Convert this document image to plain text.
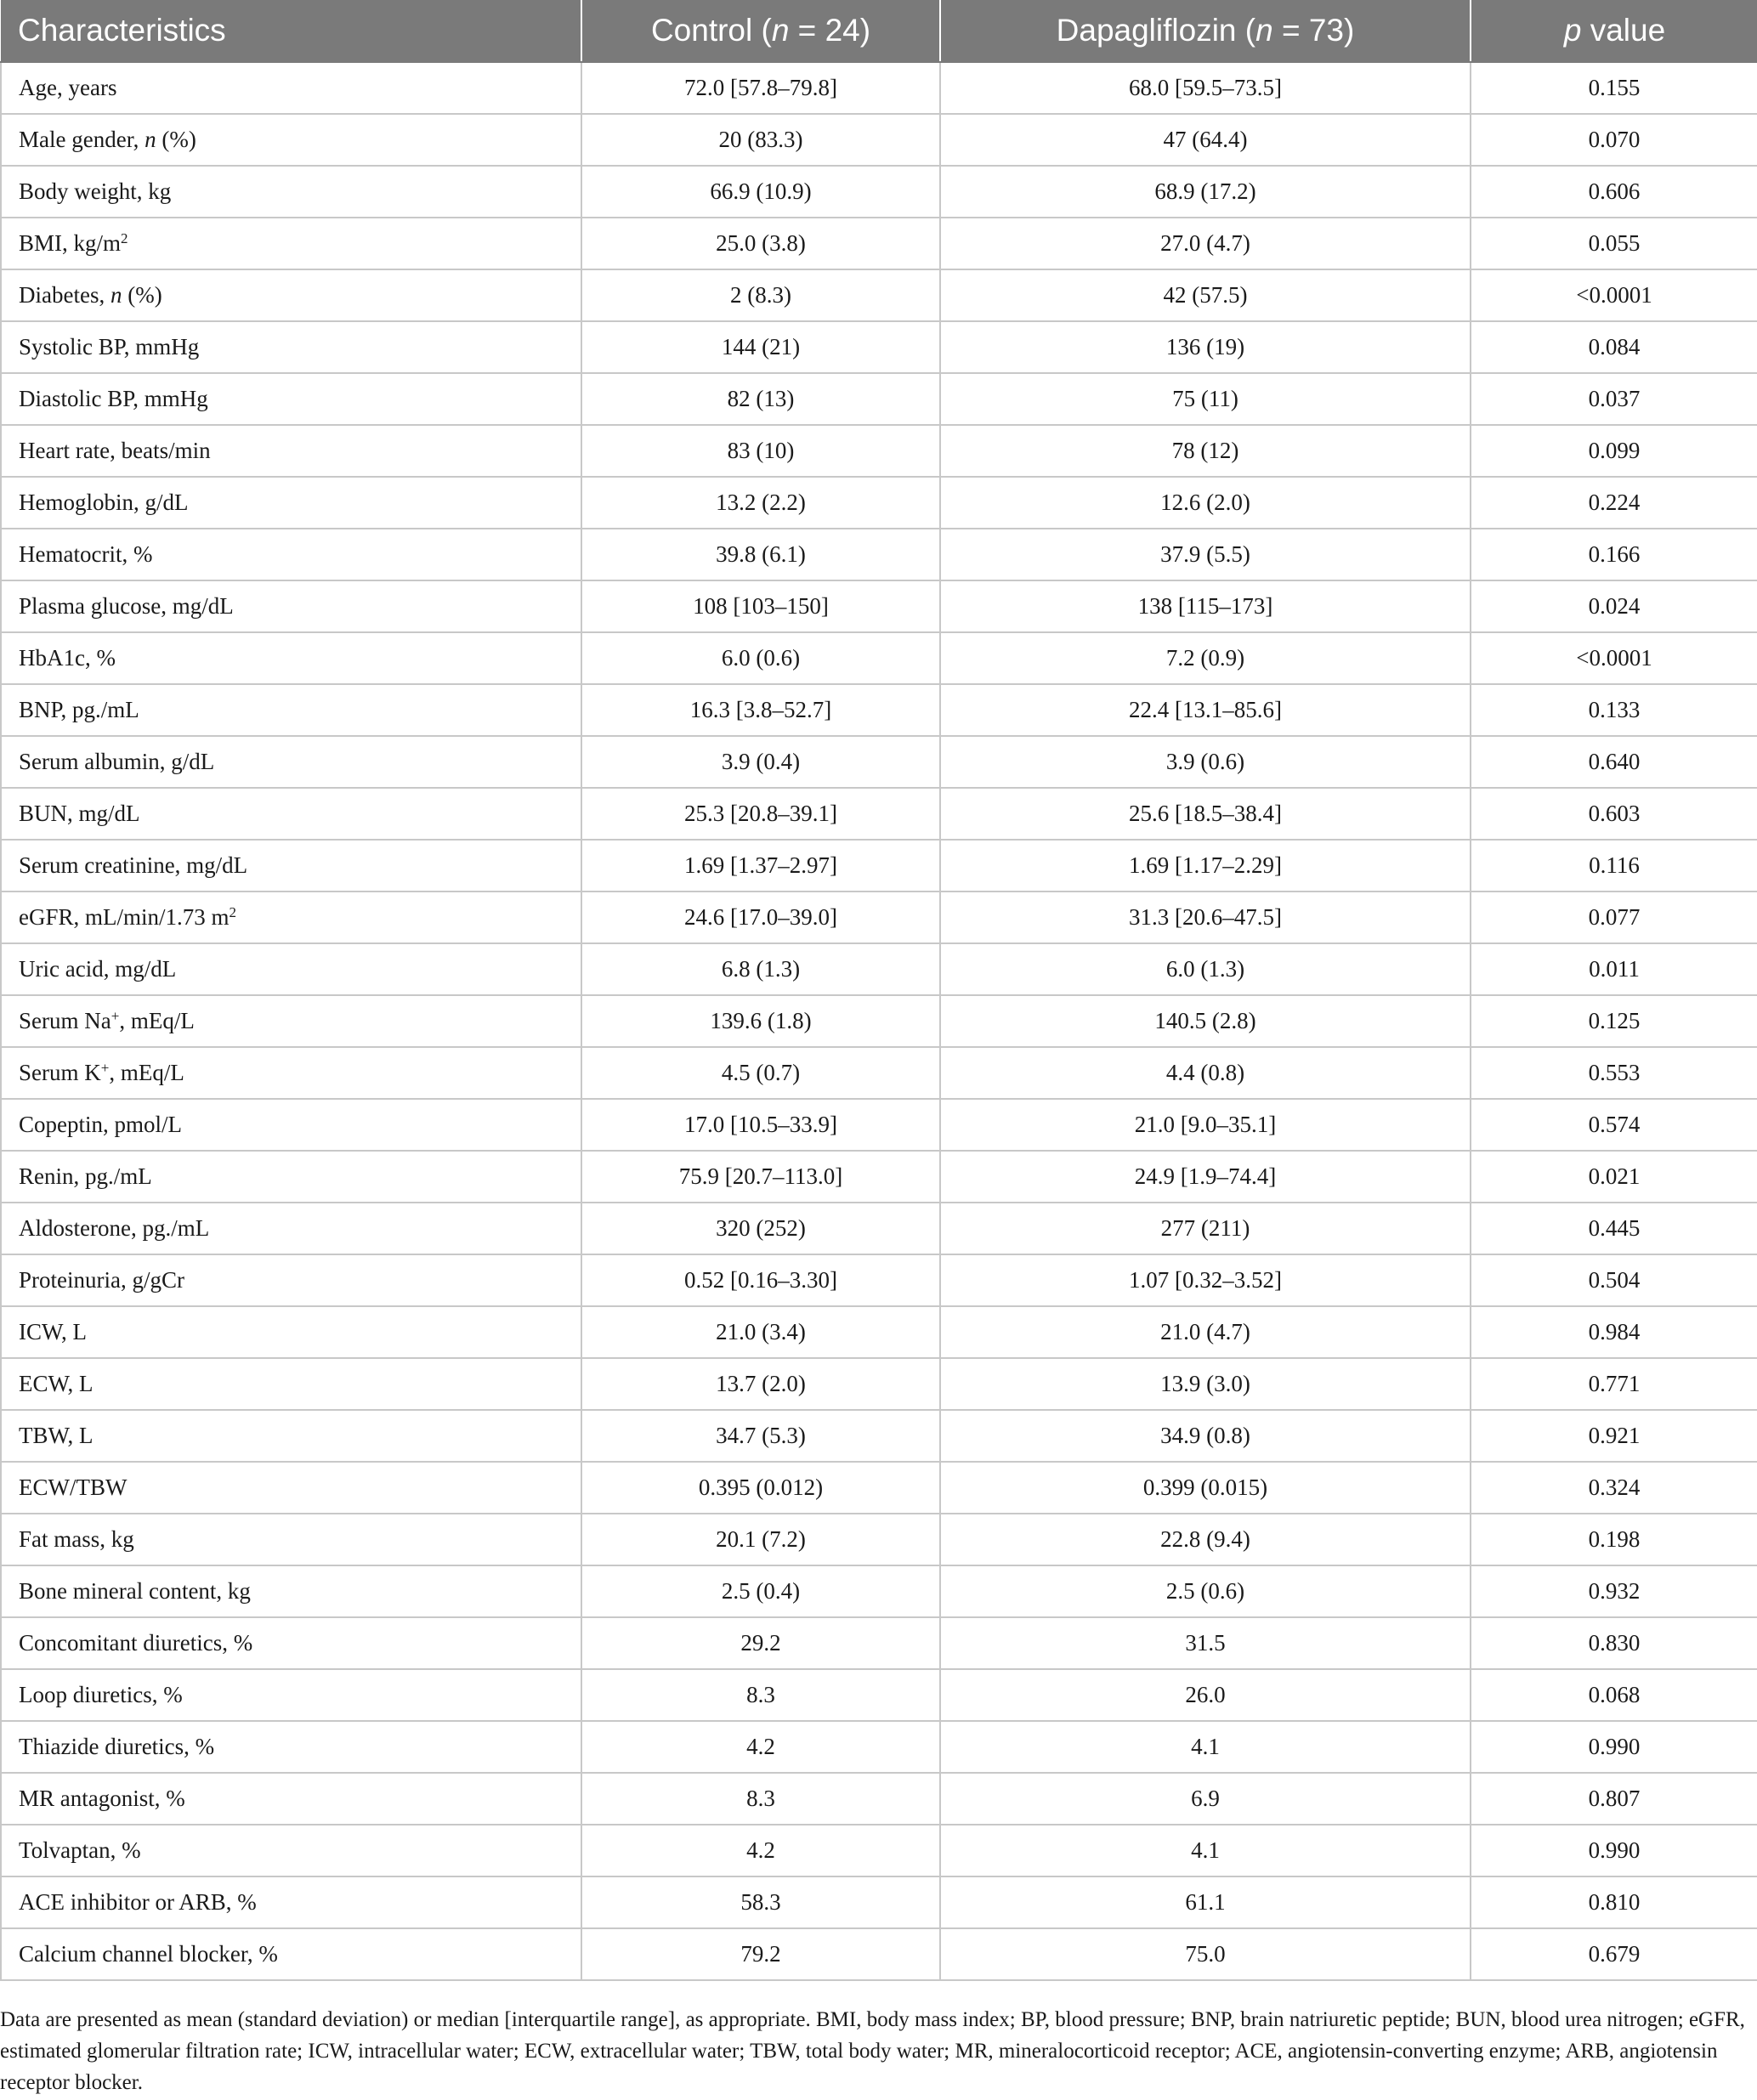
Characteristics	Control (n = 24)	Dapagliflozin (n = 73)	p value
Age, years	72.0 [57.8–79.8]	68.0 [59.5–73.5]	0.155
Male gender, n (%)	20 (83.3)	47 (64.4)	0.070
Body weight, kg	66.9 (10.9)	68.9 (17.2)	0.606
BMI, $kg/m^2$	25.0 (3.8)	27.0 (4.7)	0.055
Diabetes, n (%)	2 (8.3)	42 (57.5)	<0.0001
Systolic BP, mmHg	144 (21)	136 (19)	0.084
Diastolic BP, mmHg	82 (13)	75 (11)	0.037
Heart rate, beats/min	83 (10)	78 (12)	0.099
Hemoglobin, g/dL	13.2 (2.2)	12.6 (2.0)	0.224
Hematocrit, %	39.8 (6.1)	37.9 (5.5)	0.166
Plasma glucose, mg/dL	108 [103–150]	138 [115–173]	0.024
HbA1c, %	6.0 (0.6)	7.2 (0.9)	<0.0001
BNP, pg./mL	16.3 [3.8–52.7]	22.4 [13.1–85.6]	0.133
Serum albumin, g/dL	3.9 (0.4)	3.9 (0.6)	0.640
BUN, mg/dL	25.3 [20.8–39.1]	25.6 [18.5–38.4]	0.603
Serum creatinine, mg/dL	1.69 [1.37–2.97]	1.69 [1.17–2.29]	0.116
eGFR, mL/min/1.73 $m^2$	24.6 [17.0–39.0]	31.3 [20.6–47.5]	0.077
Uric acid, mg/dL	6.8 (1.3)	6.0 (1.3)	0.011
Serum Na+, mEq/L	139.6 (1.8)	140.5 (2.8)	0.125
Serum K+, mEq/L	4.5 (0.7)	4.4 (0.8)	0.553
Copeptin, pmol/L	17.0 [10.5–33.9]	21.0 [9.0–35.1]	0.574
Renin, pg./mL	75.9 [20.7–113.0]	24.9 [1.9–74.4]	0.021
Aldosterone, pg./mL	320 (252)	277 (211)	0.445
Proteinuria, g/gCr	0.52 [0.16–3.30]	1.07 [0.32–3.52]	0.504
ICW, L	21.0 (3.4)	21.0 (4.7)	0.984
ECW, L	13.7 (2.0)	13.9 (3.0)	0.771
TBW, L	34.7 (5.3)	34.9 (0.8)	0.921
ECW/TBW	0.395 (0.012)	0.399 (0.015)	0.324
Fat mass, kg	20.1 (7.2)	22.8 (9.4)	0.198
Bone mineral content, kg	2.5 (0.4)	2.5 (0.6)	0.932
Concomitant diuretics, %	29.2	31.5	0.830
Loop diuretics, %	8.3	26.0	0.068
Thiazide diuretics, %	4.2	4.1	0.990
MR antagonist, %	8.3	6.9	0.807
Tolvaptan, %	4.2	4.1	0.990
ACE inhibitor or ARB, %	58.3	61.1	0.810
Calcium channel blocker, %	79.2	75.0	0.679
Data are presented as mean (standard deviation) or median [interquartile range], as appropriate. BMI, body mass index; BP, blood pressure; BNP, brain natriuretic peptide; BUN, blood urea nitrogen; eGFR, estimated glomerular filtration rate; ICW, intracellular water; ECW, extracellular water; TBW, total body water; MR, mineralocorticoid receptor; ACE, angiotensin-converting enzyme; ARB, angiotensin receptor blocker.
